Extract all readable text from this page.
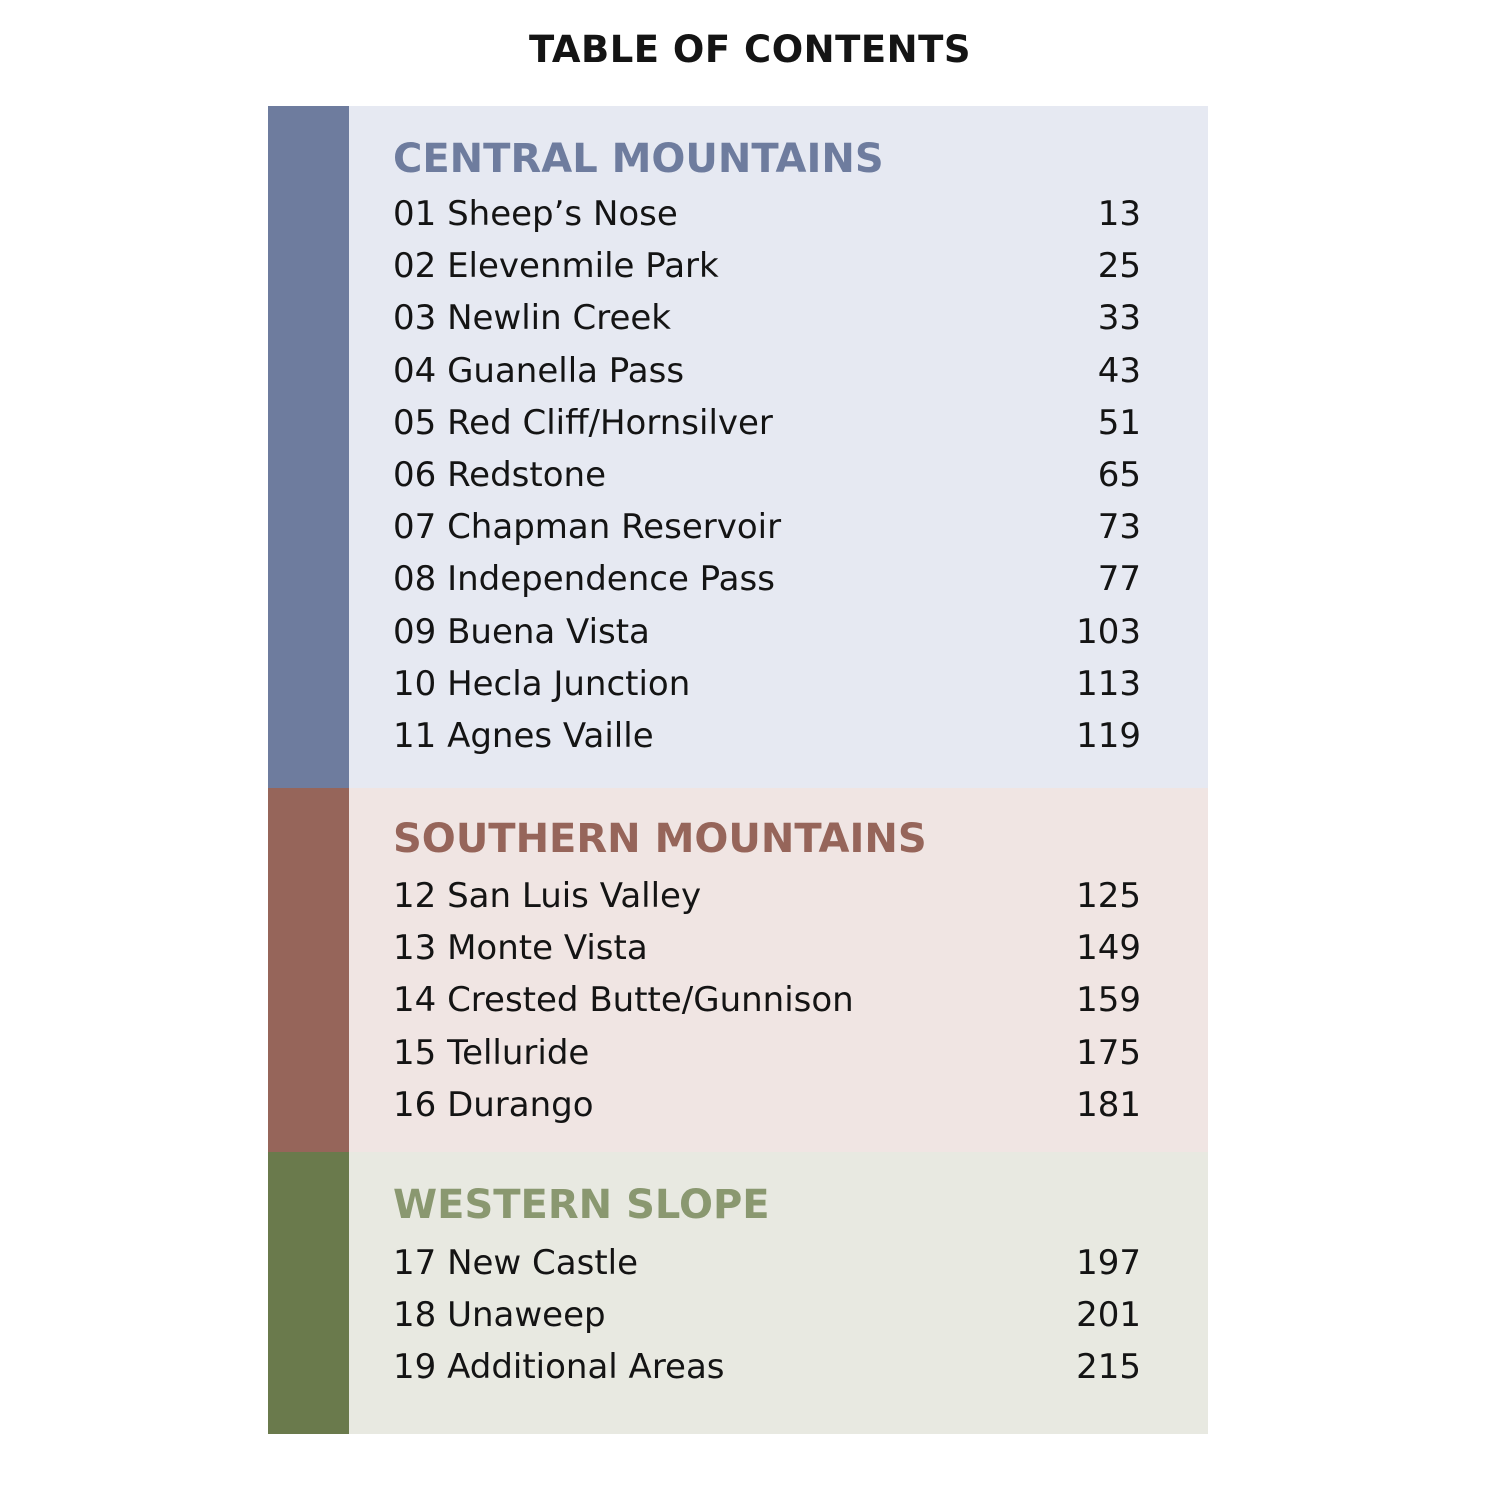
TABLE OF CONTENTS
CENTRAL MOUNTAINS
01 Sheep’s Nose	13
02 Elevenmile Park	25
03 Newlin Creek	33
04 Guanella Pass	43
05 Red Cliff/Hornsilver	51
06 Redstone	65
07 Chapman Reservoir	73
08 Independence Pass	77
09 Buena Vista	103
10 Hecla Junction	113
11 Agnes Vaille	119
SOUTHERN MOUNTAINS
12 San Luis Valley	125
13 Monte Vista	149
14 Crested Butte/Gunnison	159
15 Telluride	175
16 Durango	181
WESTERN SLOPE
17 New Castle	197
18 Unaweep	201
19 Additional Areas	215
